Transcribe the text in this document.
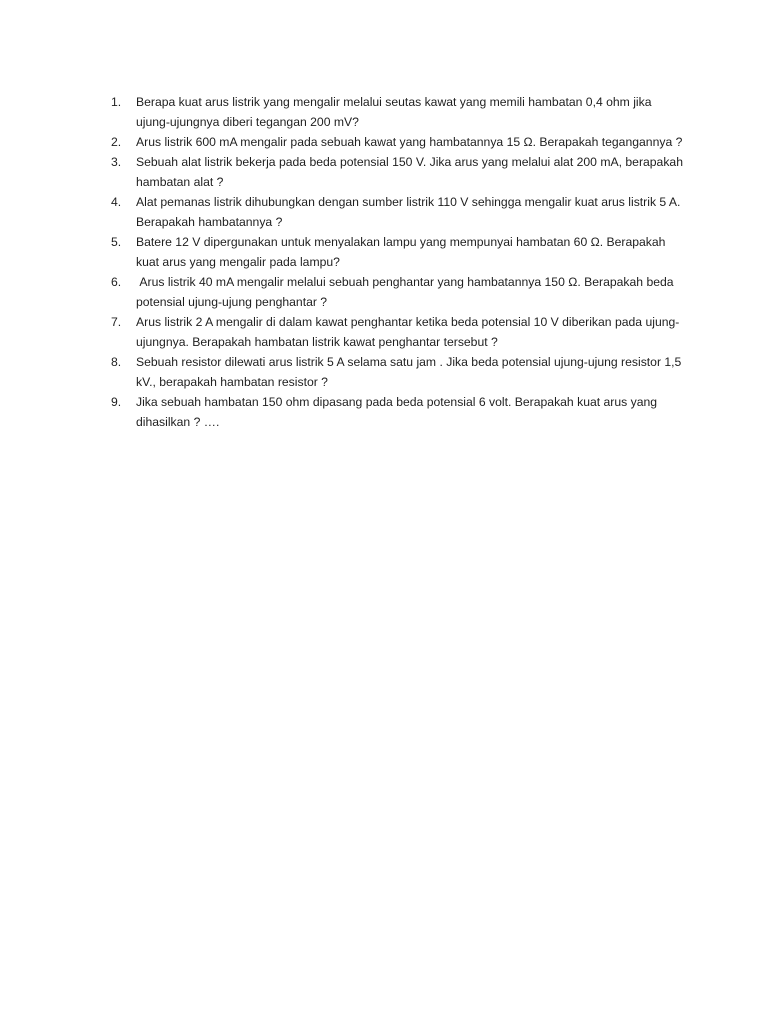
1.	Berapa kuat arus listrik yang mengalir melalui seutas kawat yang memili hambatan 0,4 ohm jika ujung-ujungnya diberi tegangan 200 mV?
2.	Arus listrik 600 mA mengalir pada sebuah kawat yang hambatannya 15 Ω. Berapakah tegangannya ?
3.	Sebuah alat listrik bekerja pada beda potensial 150 V. Jika arus yang melalui alat 200 mA, berapakah hambatan alat ?
4.	Alat pemanas listrik dihubungkan dengan sumber listrik 110 V sehingga mengalir kuat arus listrik 5 A. Berapakah hambatannya ?
5.	Batere 12 V dipergunakan untuk menyalakan lampu yang mempunyai hambatan 60 Ω. Berapakah kuat arus yang mengalir pada lampu?
6.	Arus listrik 40 mA mengalir melalui sebuah penghantar yang hambatannya 150 Ω. Berapakah beda potensial ujung-ujung penghantar ?
7.	Arus listrik 2 A mengalir di dalam kawat penghantar ketika beda potensial 10 V diberikan pada ujung-ujungnya. Berapakah hambatan listrik kawat penghantar tersebut ?
8.	Sebuah resistor dilewati arus listrik 5 A selama satu jam . Jika beda potensial ujung-ujung resistor 1,5 kV., berapakah hambatan resistor ?
9.	Jika sebuah hambatan 150 ohm dipasang pada beda potensial 6 volt. Berapakah kuat arus yang dihasilkan ? ….
